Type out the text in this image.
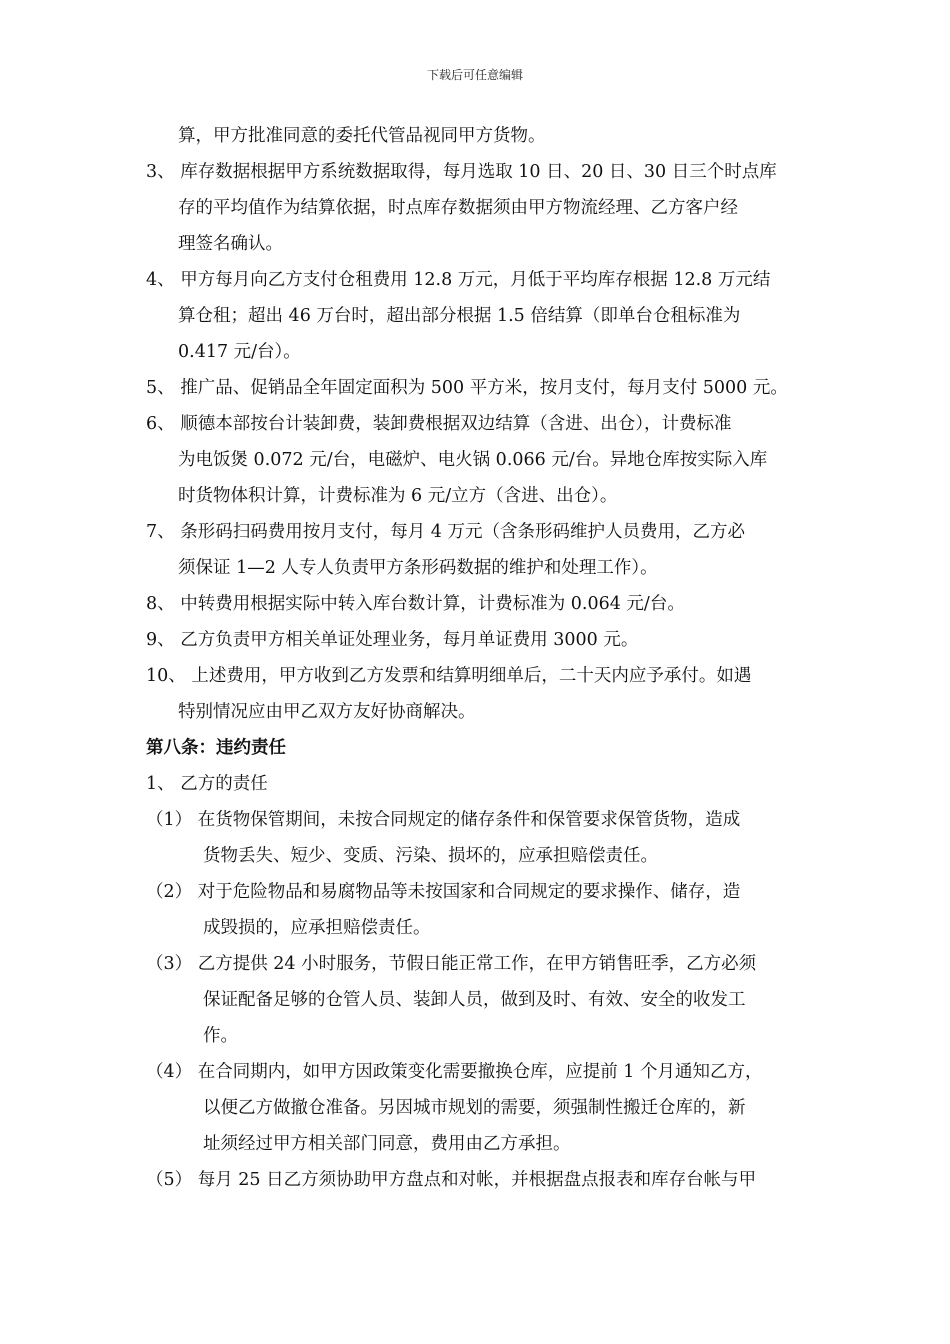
下载后可任意编辑
算，甲方批准同意的委托代管品视同甲方货物。
3、 库存数据根据甲方系统数据取得，每月选取 10 日、20 日、30 日三个时点库
存的平均值作为结算依据，时点库存数据须由甲方物流经理、乙方客户经
理签名确认。
4、 甲方每月向乙方支付仓租费用 12.8 万元，月低于平均库存根据 12.8 万元结
算仓租；超出 46 万台时，超出部分根据 1.5 倍结算（即单台仓租标准为
0.417 元/台）。
5、 推广品、促销品全年固定面积为 500 平方米，按月支付，每月支付 5000 元。
6、 顺德本部按台计装卸费，装卸费根据双边结算（含进、出仓），计费标准
为电饭煲 0.072 元/台，电磁炉、电火锅 0.066 元/台。异地仓库按实际入库
时货物体积计算，计费标准为 6 元/立方（含进、出仓）。
7、 条形码扫码费用按月支付，每月 4 万元（含条形码维护人员费用，乙方必
须保证 1—2 人专人负责甲方条形码数据的维护和处理工作）。
8、 中转费用根据实际中转入库台数计算，计费标准为 0.064 元/台。
9、 乙方负责甲方相关单证处理业务，每月单证费用 3000 元。
10、 上述费用，甲方收到乙方发票和结算明细单后，二十天内应予承付。如遇
特别情况应由甲乙双方友好协商解决。
第八条：违约责任
1、 乙方的责任
（1） 在货物保管期间，未按合同规定的储存条件和保管要求保管货物，造成
货物丢失、短少、变质、污染、损坏的，应承担赔偿责任。
（2） 对于危险物品和易腐物品等未按国家和合同规定的要求操作、储存，造
成毁损的，应承担赔偿责任。
（3） 乙方提供 24 小时服务，节假日能正常工作，在甲方销售旺季，乙方必须
保证配备足够的仓管人员、装卸人员，做到及时、有效、安全的收发工
作。
（4） 在合同期内，如甲方因政策变化需要撤换仓库，应提前 1 个月通知乙方，
以便乙方做撤仓准备。另因城市规划的需要，须强制性搬迁仓库的，新
址须经过甲方相关部门同意，费用由乙方承担。
（5） 每月 25 日乙方须协助甲方盘点和对帐，并根据盘点报表和库存台帐与甲
